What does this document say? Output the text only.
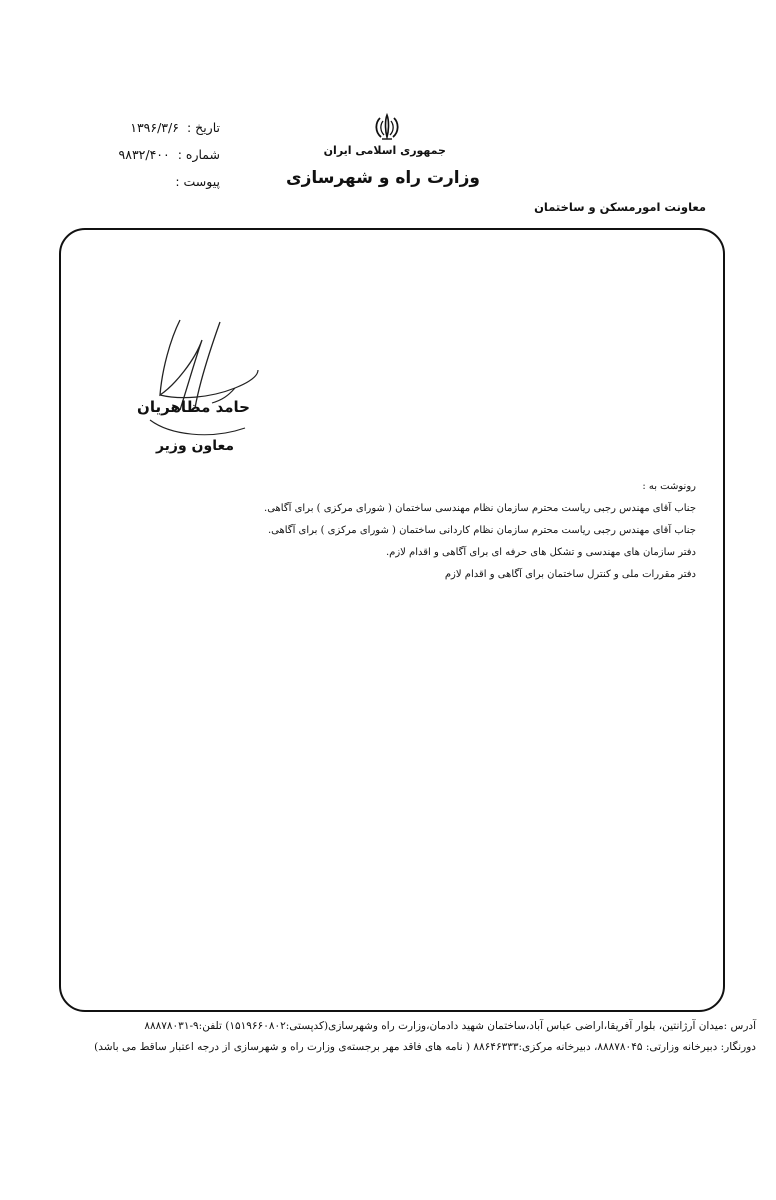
جمهوری اسلامی ایران
وزارت راه و شهرسازی
معاونت امورمسکن و ساختمان
تاریخ : ۱۳۹۶/۳/۶
شماره : ۹۸۳۲/۴۰۰
پیوست :
حامد مظاهریان
معاون وزیر
رونوشت به :
جناب آقای مهندس رجبی ریاست محترم سازمان نظام مهندسی ساختمان ( شورای مرکزی ) برای آگاهی.
جناب آقای مهندس رجبی ریاست محترم سازمان نظام کاردانی ساختمان ( شورای مرکزی ) برای آگاهی.
دفتر سازمان های مهندسی و تشکل های حرفه ای برای آگاهی و اقدام لازم.
دفتر مقررات ملی و کنترل ساختمان برای آگاهی و اقدام لازم
آدرس :میدان آرژانتین، بلوار آفریقا،اراضی عباس آباد،ساختمان شهید دادمان،وزارت راه وشهرسازی(کدپستی:۱۵۱۹۶۶۰۸۰۲) تلفن:۹-۸۸۸۷۸۰۳۱
دورنگار: دبیرخانه وزارتی: ۸۸۸۷۸۰۴۵، دبیرخانه مرکزی:۸۸۶۴۶۳۳۳ ( نامه های فاقد مهر برجسته‌ی وزارت راه و شهرسازی از درجه اعتبار ساقط می باشد)
